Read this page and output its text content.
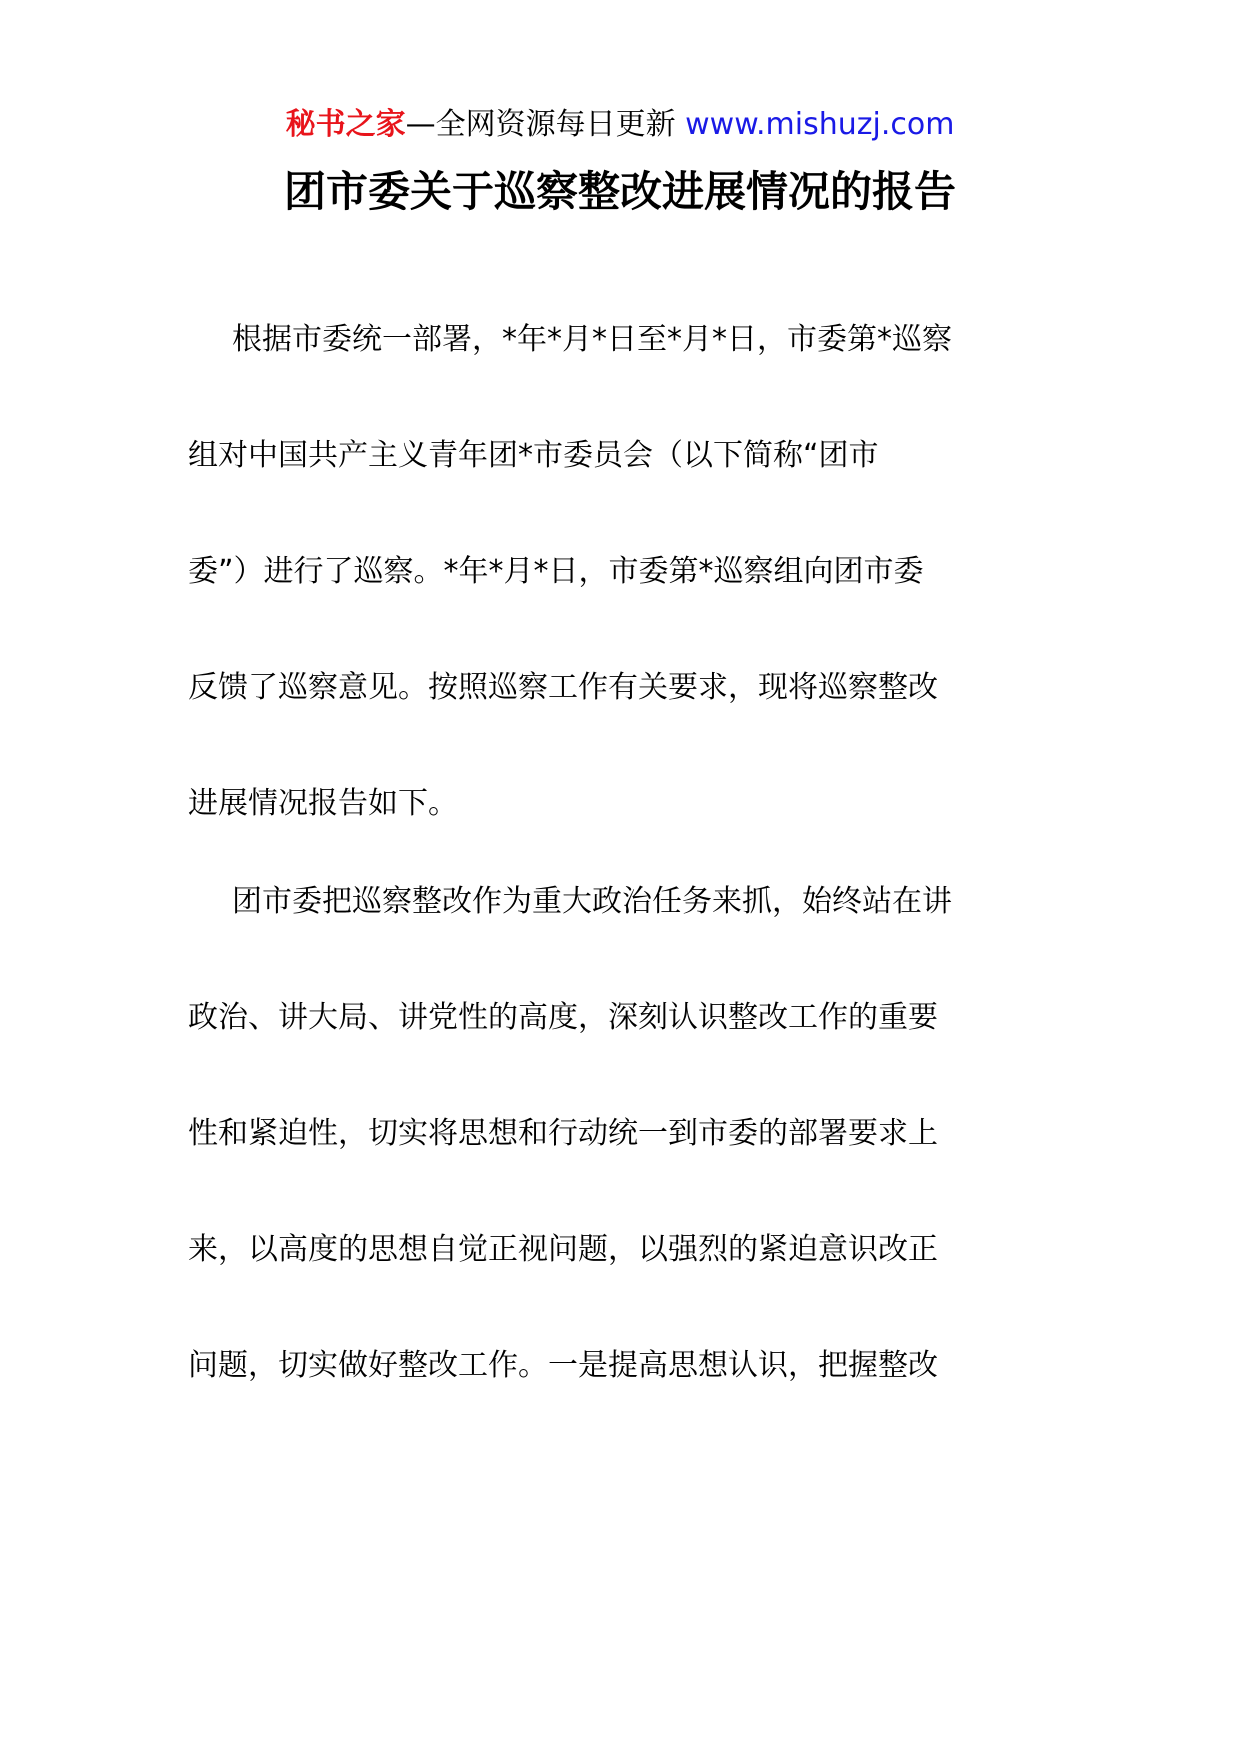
秘书之家—全网资源每日更新 www.mishuzj.com
团市委关于巡察整改进展情况的报告
根据市委统一部署，*年*月*日至*月*日，市委第*巡察
组对中国共产主义青年团*市委员会（以下简称“团市
委”）进行了巡察。*年*月*日，市委第*巡察组向团市委
反馈了巡察意见。按照巡察工作有关要求，现将巡察整改
进展情况报告如下。
团市委把巡察整改作为重大政治任务来抓，始终站在讲
政治、讲大局、讲党性的高度，深刻认识整改工作的重要
性和紧迫性，切实将思想和行动统一到市委的部署要求上
来，以高度的思想自觉正视问题，以强烈的紧迫意识改正
问题，切实做好整改工作。一是提高思想认识，把握整改
